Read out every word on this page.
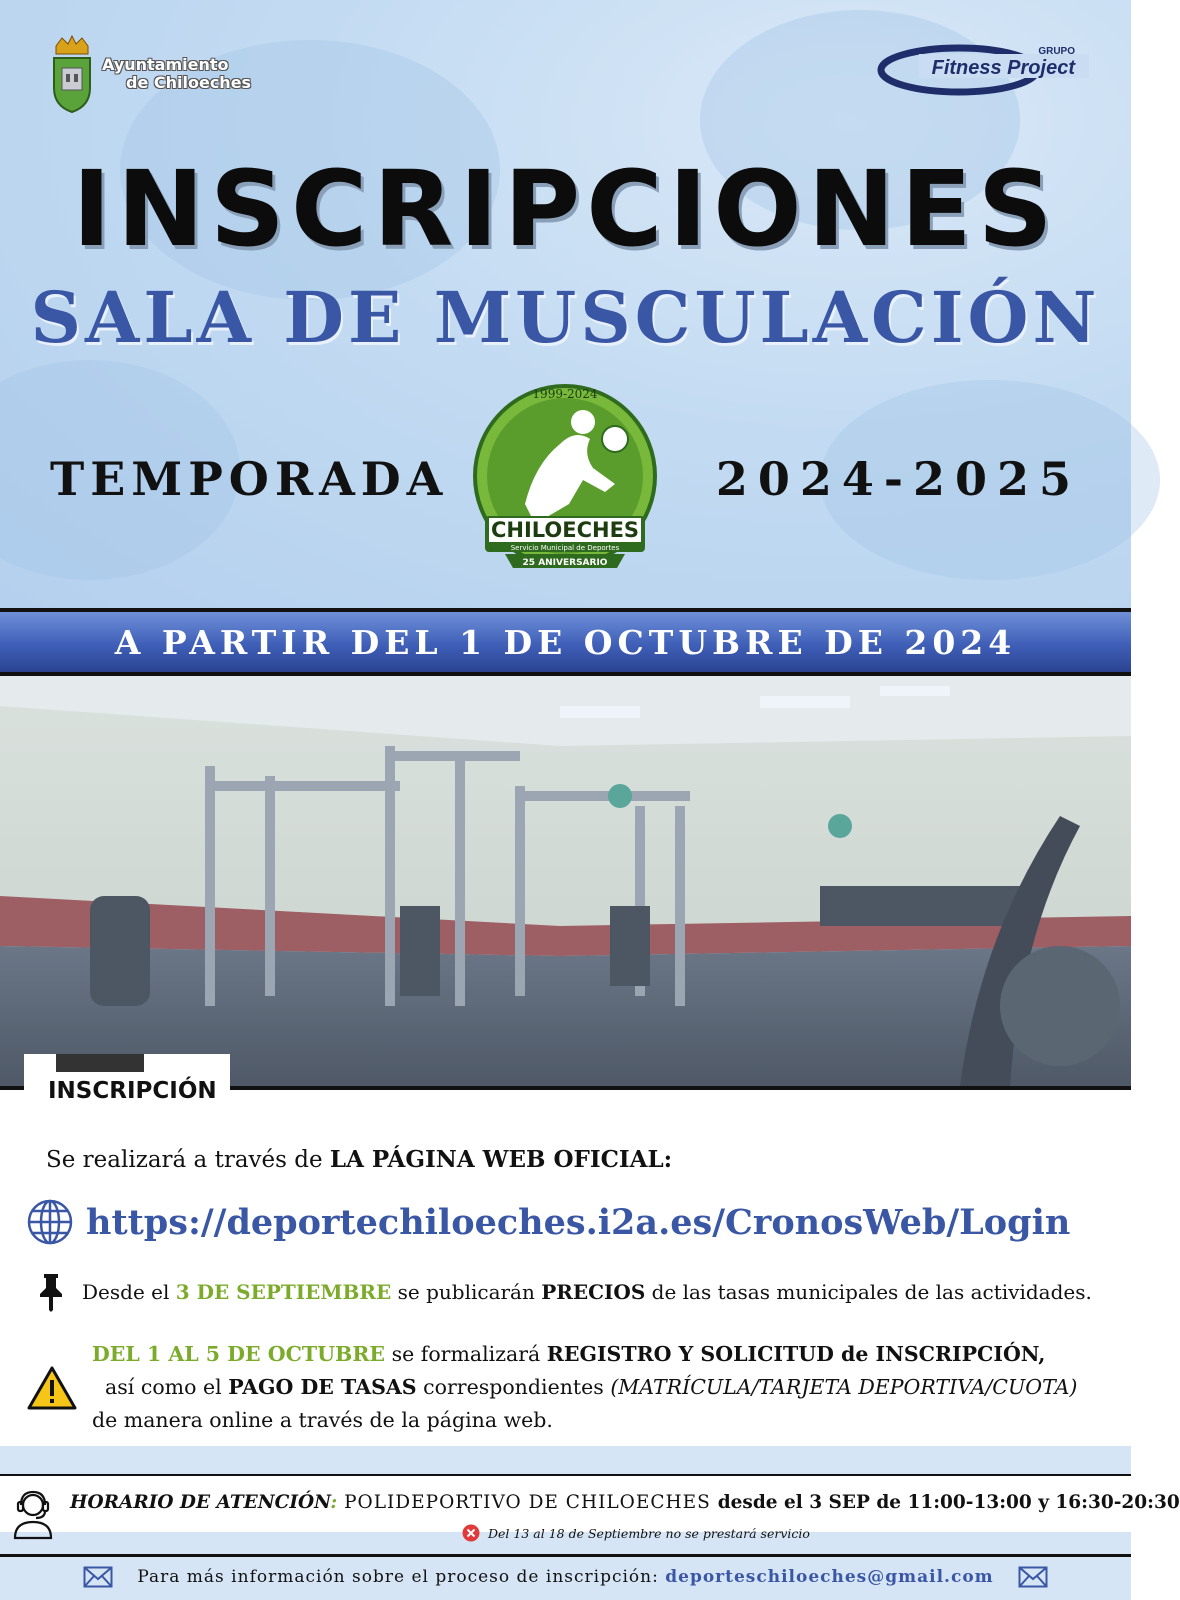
Ayuntamiento
de Chiloeches
GRUPO
Fitness Project
INSCRIPCIONES
SALA DE MUSCULACIÓN
TEMPORADA	2024-2025
1999-2024
CHILOECHES
Servicio Municipal de Deportes
25 ANIVERSARIO
A PARTIR DEL 1 DE OCTUBRE DE 2024
INSCRIPCIÓN
Se realizará a través de LA PÁGINA WEB OFICIAL:
https://deportechiloeches.i2a.es/CronosWeb/Login
Desde el 3 DE SEPTIEMBRE se publicarán PRECIOS de las tasas municipales de las actividades.
DEL 1 AL 5 DE OCTUBRE se formalizará REGISTRO Y SOLICITUD de INSCRIPCIÓN,  así como el PAGO DE TASAS correspondientes (MATRÍCULA/TARJETA DEPORTIVA/CUOTA) de manera online a través de la página web.
HORARIO DE ATENCIÓN: POLIDEPORTIVO DE CHILOECHES desde el 3 SEP de 11:00-13:00 y 16:30-20:30
Del 13 al 18 de Septiembre no se prestará servicio
Para más información sobre el proceso de inscripción: deporteschiloeches@gmail.com
